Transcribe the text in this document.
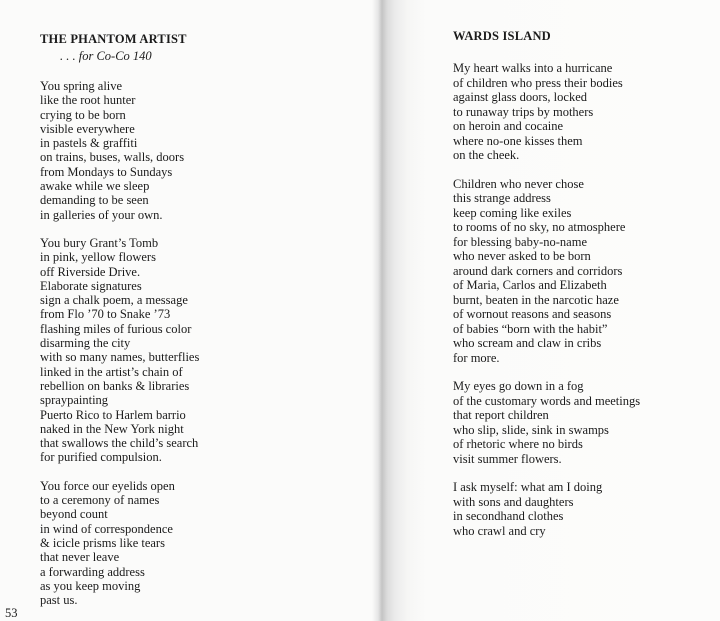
THE PHANTOM ARTIST
. . . for Co-Co 140
You spring alive
like the root hunter
crying to be born
visible everywhere
in pastels & graffiti
on trains, buses, walls, doors
from Mondays to Sundays
awake while we sleep
demanding to be seen
in galleries of your own.
You bury Grant’s Tomb
in pink, yellow flowers
off Riverside Drive.
Elaborate signatures
sign a chalk poem, a message
from Flo ’70 to Snake ’73
flashing miles of furious color
disarming the city
with so many names, butterflies
linked in the artist’s chain of
rebellion on banks & libraries
spraypainting
Puerto Rico to Harlem barrio
naked in the New York night
that swallows the child’s search
for purified compulsion.
You force our eyelids open
to a ceremony of names
beyond count
in wind of correspondence
& icicle prisms like tears
that never leave
a forwarding address
as you keep moving
past us.
53
WARDS ISLAND
My heart walks into a hurricane
of children who press their bodies
against glass doors, locked
to runaway trips by mothers
on heroin and cocaine
where no-one kisses them
on the cheek.
Children who never chose
this strange address
keep coming like exiles
to rooms of no sky, no atmosphere
for blessing baby-no-name
who never asked to be born
around dark corners and corridors
of Maria, Carlos and Elizabeth
burnt, beaten in the narcotic haze
of wornout reasons and seasons
of babies “born with the habit”
who scream and claw in cribs
for more.
My eyes go down in a fog
of the customary words and meetings
that report children
who slip, slide, sink in swamps
of rhetoric where no birds
visit summer flowers.
I ask myself: what am I doing
with sons and daughters
in secondhand clothes
who crawl and cry
